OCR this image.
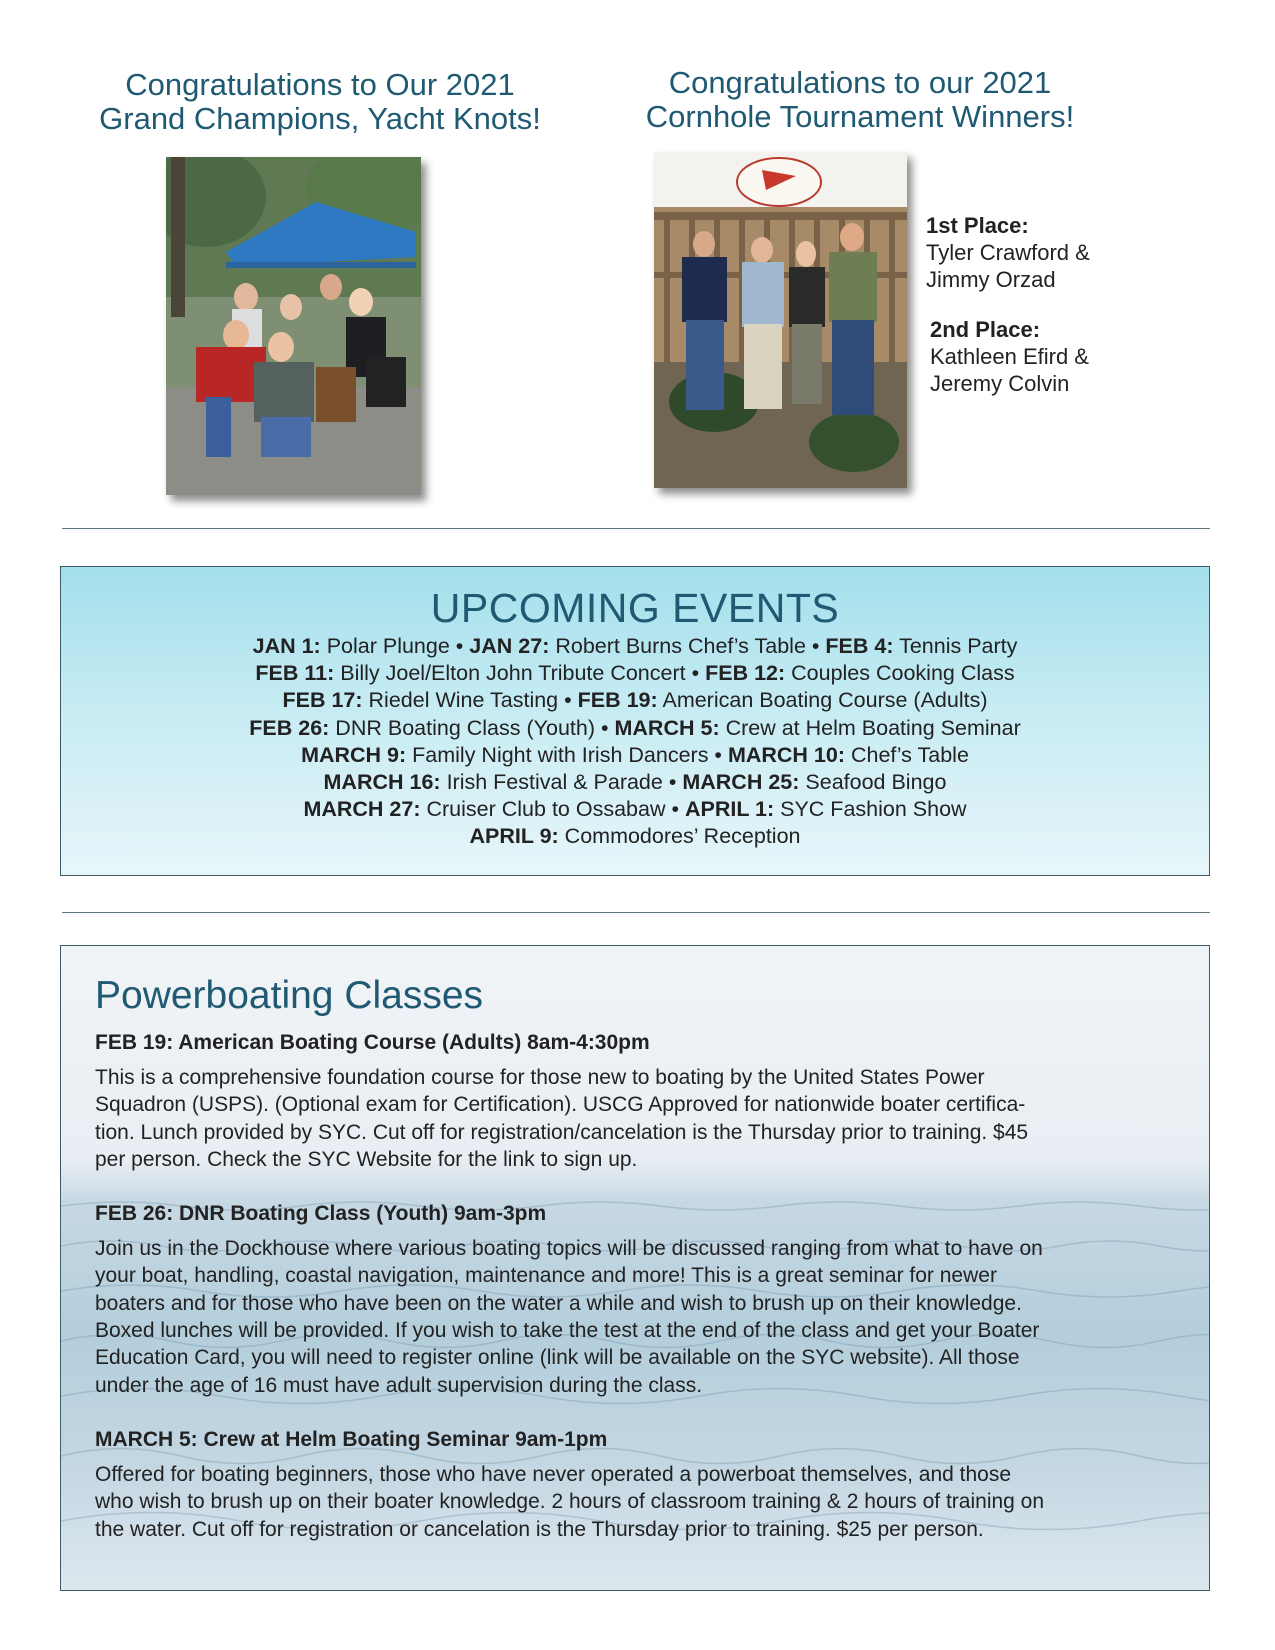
Congratulations to Our 2021
Grand Champions, Yacht Knots!
Congratulations to our 2021
Cornhole Tournament Winners!
1st Place:
Tyler Crawford &
Jimmy Orzad
2nd Place:
Kathleen Efird &
Jeremy Colvin
UPCOMING EVENTS
JAN 1: Polar Plunge • JAN 27: Robert Burns Chef’s Table • FEB 4: Tennis Party
FEB 11: Billy Joel/Elton John Tribute Concert • FEB 12: Couples Cooking Class
FEB 17: Riedel Wine Tasting • FEB 19: American Boating Course (Adults)
FEB 26: DNR Boating Class (Youth) • MARCH 5: Crew at Helm Boating Seminar
MARCH 9: Family Night with Irish Dancers • MARCH 10: Chef’s Table
MARCH 16: Irish Festival & Parade • MARCH 25: Seafood Bingo
MARCH 27: Cruiser Club to Ossabaw • APRIL 1: SYC Fashion Show
APRIL 9: Commodores’ Reception
Powerboating Classes
FEB 19: American Boating Course (Adults) 8am-4:30pm
This is a comprehensive foundation course for those new to boating by the United States Power
Squadron (USPS). (Optional exam for Certification). USCG Approved for nationwide boater certifica-
tion. Lunch provided by SYC. Cut off for registration/cancelation is the Thursday prior to training. $45
per person. Check the SYC Website for the link to sign up.
FEB 26: DNR Boating Class (Youth) 9am-3pm
Join us in the Dockhouse where various boating topics will be discussed ranging from what to have on
your boat, handling, coastal navigation, maintenance and more! This is a great seminar for newer
boaters and for those who have been on the water a while and wish to brush up on their knowledge.
Boxed lunches will be provided. If you wish to take the test at the end of the class and get your Boater
Education Card, you will need to register online (link will be available on the SYC website). All those
under the age of 16 must have adult supervision during the class.
MARCH 5: Crew at Helm Boating Seminar 9am-1pm
Offered for boating beginners, those who have never operated a powerboat themselves, and those
who wish to brush up on their boater knowledge. 2 hours of classroom training & 2 hours of training on
the water. Cut off for registration or cancelation is the Thursday prior to training. $25 per person.
